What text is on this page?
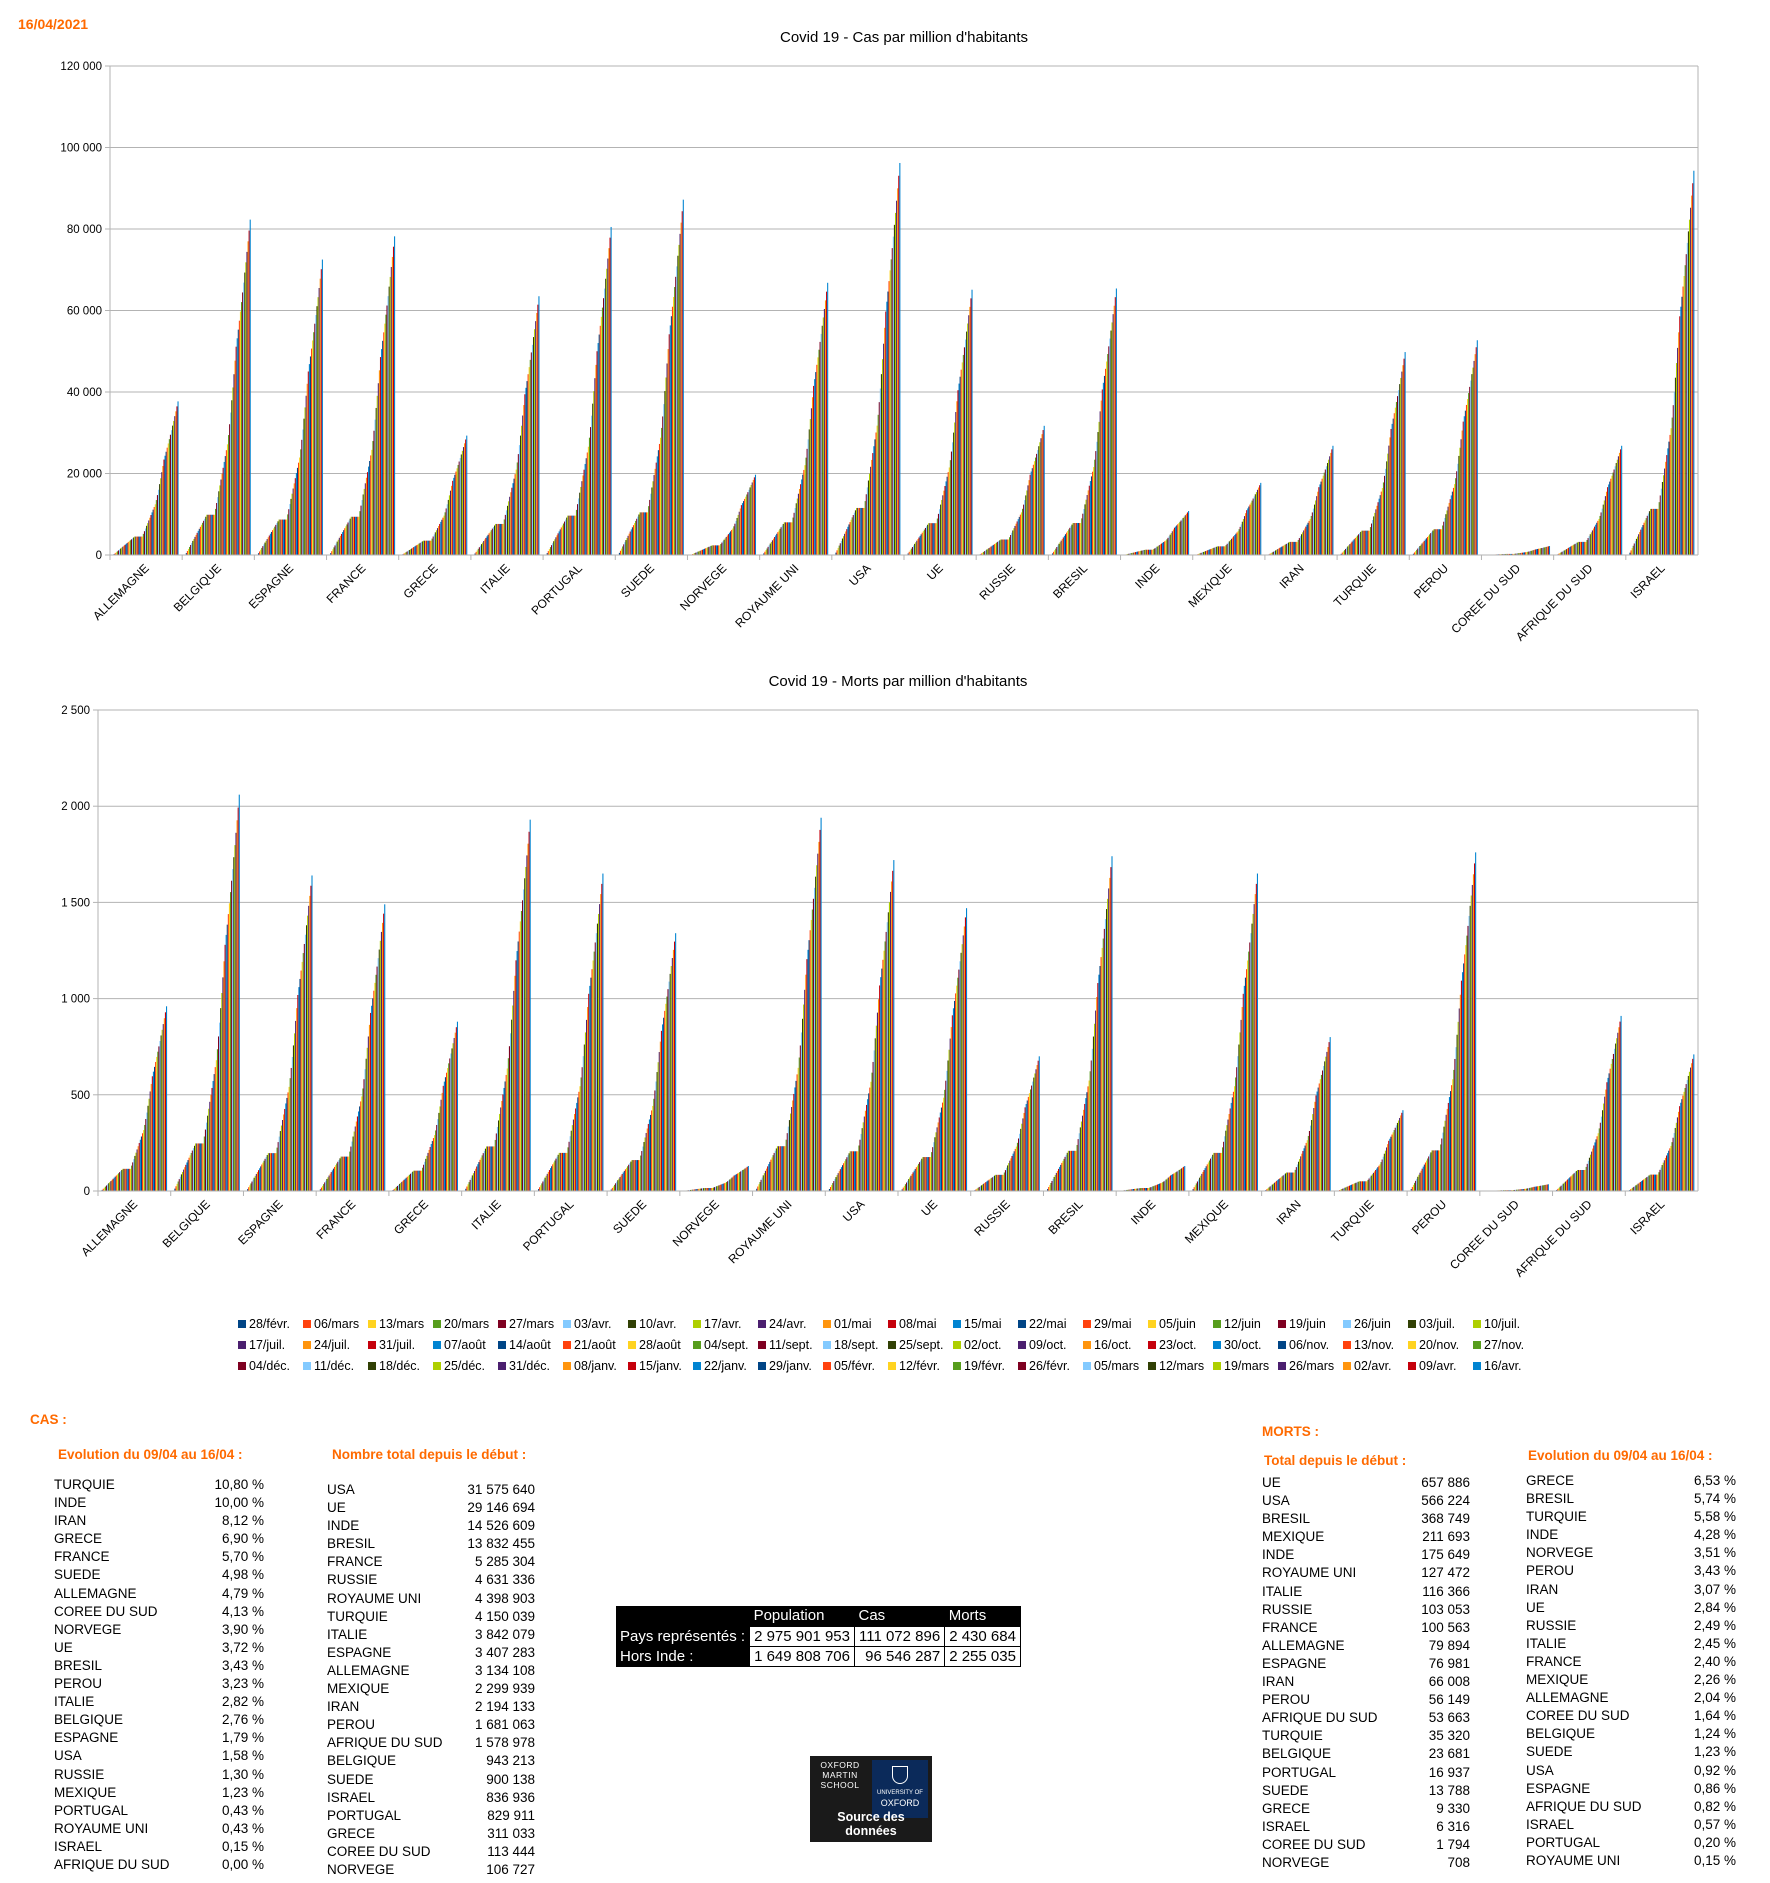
16/04/2021
Covid 19 - Cas par million d'habitants
0
20 000
40 000
60 000
80 000
100 000
120 000
ALLEMAGNE BELGIQUE ESPAGNE FRANCE	GRECE	ITALIE PORTUGAL	SUEDE NORVEGE ROYAUME UNI	USA	UE	RUSSIE	BRESIL	INDE MEXIQUE	IRAN TURQUIE	PEROU
COREE DU SUD
AFRIQUE DU SUD	ISRAEL
Covid 19 - Morts par million d'habitants
0
500
1 000
1 500
2 000
2 500
ALLEMAGNE BELGIQUE ESPAGNE FRANCE	GRECE	ITALIE PORTUGAL	SUEDE NORVEGE ROYAUME UNI	USA	UE	RUSSIE	BRESIL	INDE MEXIQUE	IRAN TURQUIE	PEROU
COREE DU SUD
AFRIQUE DU SUD	ISRAEL
28/févr. 06/mars 13/mars 20/mars 27/mars 03/avr. 10/avr. 17/avr. 24/avr. 01/mai 08/mai 15/mai 22/mai 29/mai 05/juin 12/juin 19/juin 26/juin 03/juil. 10/juil.
17/juil. 24/juil. 31/juil. 07/août 14/août 21/août 28/août 04/sept. 11/sept. 18/sept. 25/sept. 02/oct. 09/oct. 16/oct. 23/oct. 30/oct. 06/nov. 13/nov. 20/nov. 27/nov.
04/déc. 11/déc. 18/déc. 25/déc. 31/déc. 08/janv. 15/janv. 22/janv. 29/janv. 05/févr. 12/févr. 19/févr. 26/févr. 05/mars 12/mars 19/mars 26/mars 02/avr. 09/avr. 16/avr.
CAS :
Evolution du 09/04 au 16/04 :
TURQUIE	10,80 %
INDE	10,00 %
IRAN	8,12 %
GRECE	6,90 %
FRANCE	5,70 %
SUEDE	4,98 %
ALLEMAGNE	4,79 %
COREE DU SUD	4,13 %
NORVEGE	3,90 %
UE	3,72 %
BRESIL	3,43 %
PEROU	3,23 %
ITALIE	2,82 %
BELGIQUE	2,76 %
ESPAGNE	1,79 %
USA	1,58 %
RUSSIE	1,30 %
MEXIQUE	1,23 %
PORTUGAL	0,43 %
ROYAUME UNI	0,43 %
ISRAEL	0,15 %
AFRIQUE DU SUD	0,00 %
Nombre total depuis le début :
USA	31 575 640
UE	29 146 694
INDE	14 526 609
BRESIL	13 832 455
FRANCE	5 285 304
RUSSIE	4 631 336
ROYAUME UNI	4 398 903
TURQUIE	4 150 039
ITALIE	3 842 079
ESPAGNE	3 407 283
ALLEMAGNE	3 134 108
MEXIQUE	2 299 939
IRAN	2 194 133
PEROU	1 681 063
AFRIQUE DU SUD	1 578 978
BELGIQUE	943 213
SUEDE	900 138
ISRAEL	836 936
PORTUGAL	829 911
GRECE	311 033
COREE DU SUD	113 444
NORVEGE	106 727
	Population	Cas	Morts
Pays représentés :	2 975 901 953	111 072 896	2 430 684
Hors Inde :	1 649 808 706	96 546 287	2 255 035
OXFORD
MARTIN
SCHOOL
UNIVERSITY OF
OXFORD
Source des données
MORTS :
Total depuis le début :
UE	657 886
USA	566 224
BRESIL	368 749
MEXIQUE	211 693
INDE	175 649
ROYAUME UNI	127 472
ITALIE	116 366
RUSSIE	103 053
FRANCE	100 563
ALLEMAGNE	79 894
ESPAGNE	76 981
IRAN	66 008
PEROU	56 149
AFRIQUE DU SUD	53 663
TURQUIE	35 320
BELGIQUE	23 681
PORTUGAL	16 937
SUEDE	13 788
GRECE	9 330
ISRAEL	6 316
COREE DU SUD	1 794
NORVEGE	708
Evolution du 09/04 au 16/04 :
GRECE	6,53 %
BRESIL	5,74 %
TURQUIE	5,58 %
INDE	4,28 %
NORVEGE	3,51 %
PEROU	3,43 %
IRAN	3,07 %
UE	2,84 %
RUSSIE	2,49 %
ITALIE	2,45 %
FRANCE	2,40 %
MEXIQUE	2,26 %
ALLEMAGNE	2,04 %
COREE DU SUD	1,64 %
BELGIQUE	1,24 %
SUEDE	1,23 %
USA	0,92 %
ESPAGNE	0,86 %
AFRIQUE DU SUD	0,82 %
ISRAEL	0,57 %
PORTUGAL	0,20 %
ROYAUME UNI	0,15 %
